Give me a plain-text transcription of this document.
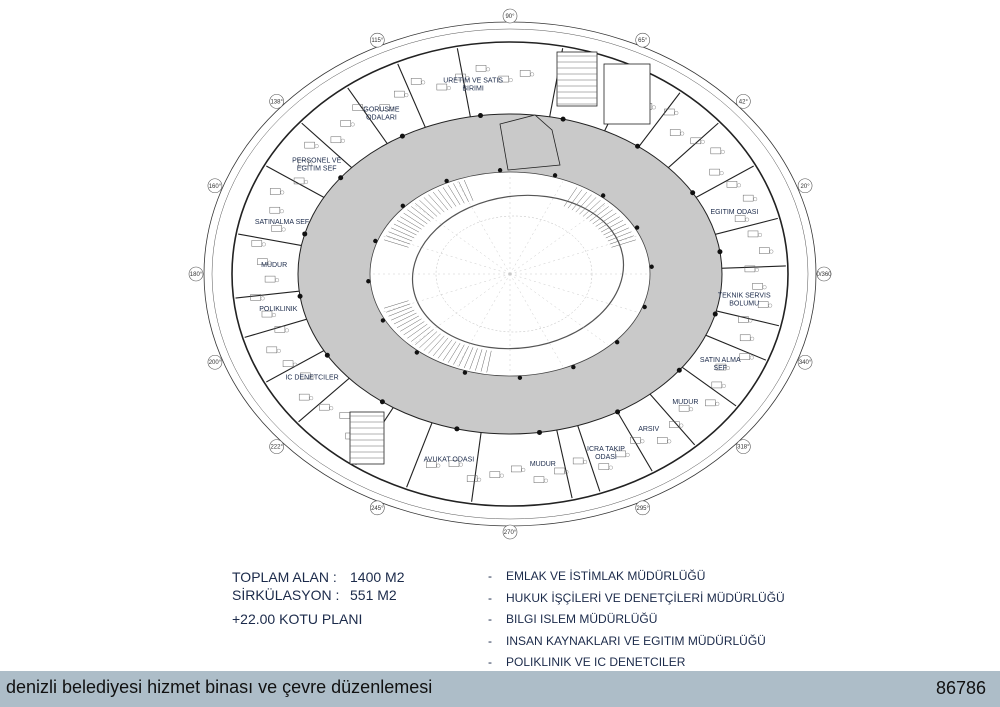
90°
65°
42°
20°
0/360
340°
318°
295°
270°
245°
222°
200°
180°
160°
138°
115°
URETIM VE SATIS BIRIMI
GORUSME ODALARI
PERSONEL VE EGITIM SEF
SATINALMA SEF
MUDUR
POLIKLINIK
IC DENETCILER
AVUKAT ODASI
MUDUR
ICRA TAKIP ODASI
ARSIV
MUDUR
SATIN ALMA SEF
TEKNIK SERVIS BOLUMU
EGITIM ODASI
TOPLAM ALAN : 1400 M2
SİRKÜLASYON : 551 M2
+22.00 KOTU PLANI
- EMLAK VE İSTİMLAK MÜDÜRLÜĞÜ
- HUKUK İŞÇİLERİ VE DENETÇİLERİ MÜDÜRLÜĞÜ
- BILGI ISLEM MÜDÜRLÜĞÜ
- INSAN KAYNAKLARI VE EGITIM MÜDÜRLÜĞÜ
- POLIKLINIK VE IC DENETCILER
denizli belediyesi hizmet binası ve çevre düzenlemesi	86786
